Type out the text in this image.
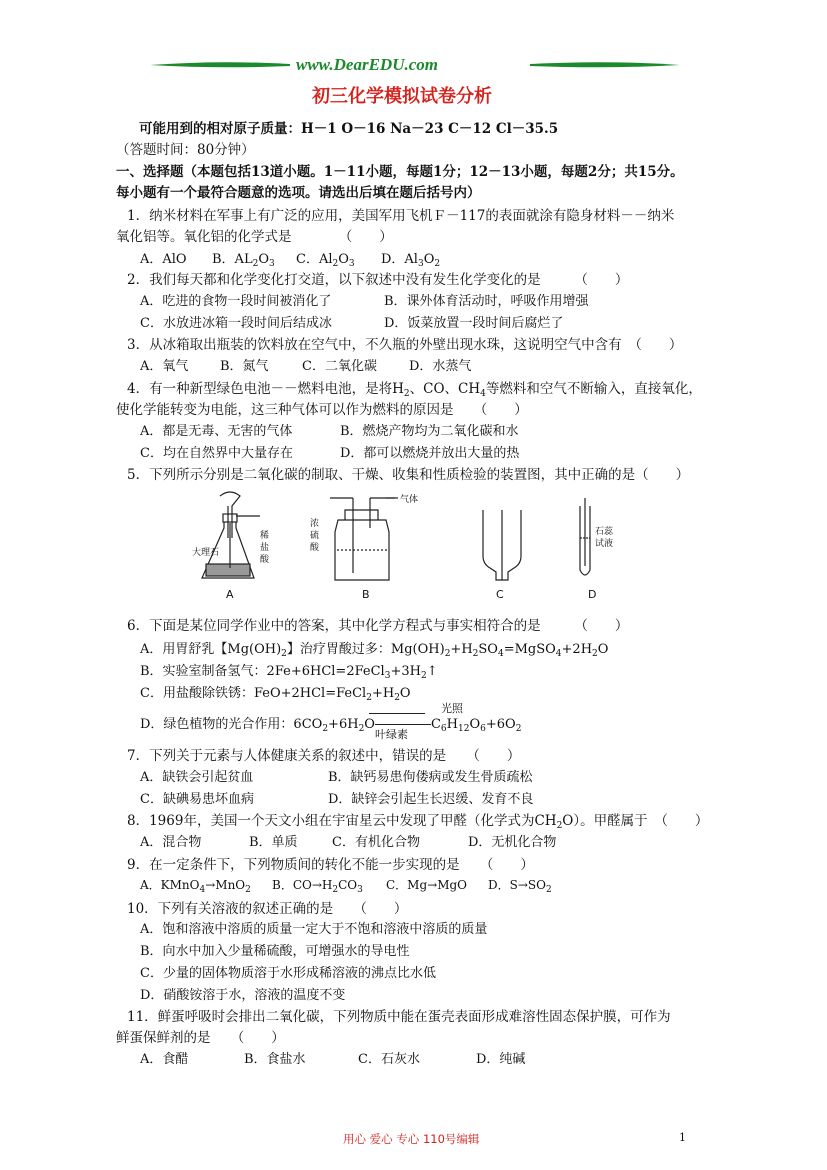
www.DearEDU.com
初三化学模拟试卷分析
可能用到的相对原子质量：H－1 O－16 Na－23 C－12 Cl－35.5
（答题时间：80分钟）
一、选择题（本题包括13道小题。1－11小题，每题1分；12－13小题，每题2分；共15分。
每小题有一个最符合题意的选项。请选出后填在题后括号内）
1．纳米材料在军事上有广泛的应用，美国军用飞机Ｆ－117的表面就涂有隐身材料－－纳米
氧化铝等。氧化铝的化学式是　　　　（　　）
A．AlO B．$AL_2O_3$ C．$Al_2O_3$ D．$Al_3O_2$
2．我们每天都和化学变化打交道，以下叙述中没有发生化学变化的是　　　（　　）
A．吃进的食物一段时间被消化了	B．课外体育活动时，呼吸作用增强
C．水放进冰箱一段时间后结成冰	D．饭菜放置一段时间后腐烂了
3．从冰箱取出瓶装的饮料放在空气中，不久瓶的外壁出现水珠，这说明空气中含有　（　　）
A．氧气 B．氮气	C．二氧化碳 D．水蒸气
4．有一种新型绿色电池－－燃料电池，是将$H_2$、CO、$CH_4$等燃料和空气不断输入，直接氧化，
使化学能转变为电能，这三种气体可以作为燃料的原因是　　（　　）
A．都是无毒、无害的气体	B．燃烧产物均为二氧化碳和水
C．均在自然界中大量存在	D．都可以燃烧并放出大量的热
5．下列所示分别是二氧化碳的制取、干燥、收集和性质检验的装置图，其中正确的是（　　）
大理石
稀
盐
酸
A
浓
硫
酸
气体
B	C
石蕊
试液
D
6．下面是某位同学作业中的答案，其中化学方程式与事实相符合的是　　　（　　）
A．用胃舒乳【$Mg(OH)_2$】治疗胃酸过多：$Mg(OH)_2+H_2SO_4=MgSO_4+2H_2O$
B．实验室制备氢气：$2Fe+6HCl=2FeCl_3+3H_2↑$
C．用盐酸除铁锈：$FeO+2HCl=FeCl_2+H_2O$
光照
D．绿色植物的光合作用：$6CO_2+6H_2O$	$C_6H_{12}O_6+6O_2$
叶绿素
7．下列关于元素与人体健康关系的叙述中，错误的是　　（　　）
A．缺铁会引起贫血	B．缺钙易患佝偻病或发生骨质疏松
C．缺碘易患坏血病	D．缺锌会引起生长迟缓、发育不良
8．1969年，美国一个天文小组在宇宙星云中发现了甲醛（化学式为$CH_2O$）。甲醛属于　（　　）
A．混合物	B．单质	C．有机化合物	D．无机化合物
9．在一定条件下，下列物质间的转化不能一步实现的是　　（　　）
A．KMnO$_4$→MnO$_2$ B．$CO\to H_2CO_3$ C．Mg→MgO D．$S\to SO_2$
10．下列有关溶液的叙述正确的是　　（　　）
A．饱和溶液中溶质的质量一定大于不饱和溶液中溶质的质量
B．向水中加入少量稀硫酸，可增强水的导电性
C．少量的固体物质溶于水形成稀溶液的沸点比水低
D．硝酸铵溶于水，溶液的温度不变
11．鲜蛋呼吸时会排出二氧化碳，下列物质中能在蛋壳表面形成难溶性固态保护膜，可作为
鲜蛋保鲜剂的是　　（　　）
A．食醋	B．食盐水	C．石灰水	D．纯碱
用心 爱心 专心 110号编辑	1
